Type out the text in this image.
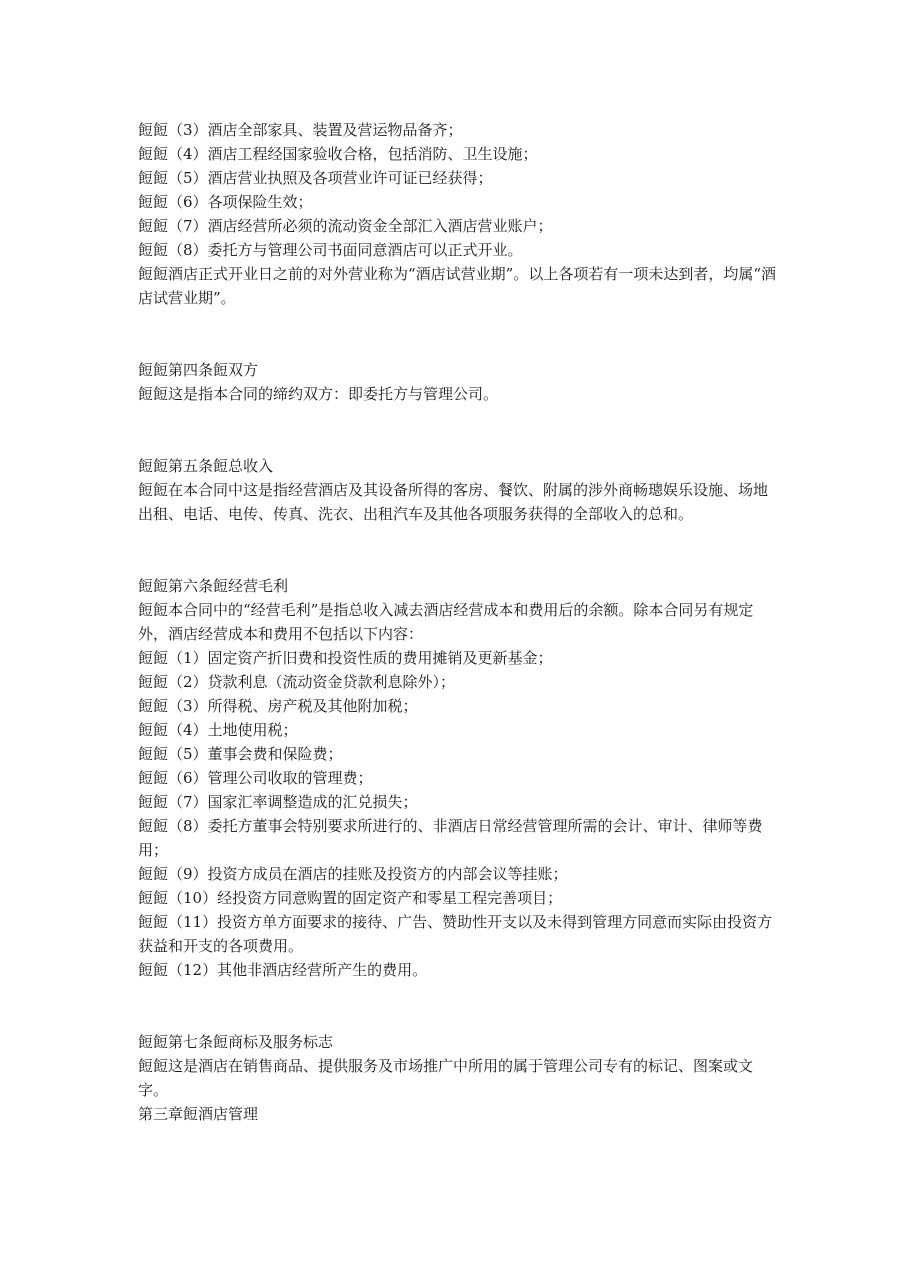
餖餖（3）酒店全部家具、装置及营运物品备齐；

餖餖（4）酒店工程经国家验收合格，包括消防、卫生设施；

餖餖（5）酒店营业执照及各项营业许可证已经获得；

餖餖（6）各项保险生效；

餖餖（7）酒店经营所必须的流动资金全部汇入酒店营业账户；

餖餖（8）委托方与管理公司书面同意酒店可以正式开业。

餖餖酒店正式开业日之前的对外营业称为“酒店试营业期”。以上各项若有一项未达到者，均属“酒店试营业期”。

餖餖第四条餖双方

餖餖这是指本合同的缔约双方：即委托方与管理公司。

餖餖第五条餖总收入

餖餖在本合同中这是指经营酒店及其设备所得的客房、餐饮、附属的涉外商畅璁娱乐设施、场地出租、电话、电传、传真、洗衣、出租汽车及其他各项服务获得的全部收入的总和。

餖餖第六条餖经营毛利

餖餖本合同中的“经营毛利”是指总收入减去酒店经营成本和费用后的余额。除本合同另有规定外，酒店经营成本和费用不包括以下内容：

餖餖（1）固定资产折旧费和投资性质的费用摊销及更新基金；

餖餖（2）贷款利息（流动资金贷款利息除外）；

餖餖（3）所得税、房产税及其他附加税；

餖餖（4）土地使用税；

餖餖（5）董事会费和保险费；

餖餖（6）管理公司收取的管理费；

餖餖（7）国家汇率调整造成的汇兑损失；

餖餖（8）委托方董事会特别要求所进行的、非酒店日常经营管理所需的会计、审计、律师等费用；

餖餖（9）投资方成员在酒店的挂账及投资方的内部会议等挂账；

餖餖（10）经投资方同意购置的固定资产和零星工程完善项目；

餖餖（11）投资方单方面要求的接待、广告、赞助性开支以及未得到管理方同意而实际由投资方获益和开支的各项费用。

餖餖（12）其他非酒店经营所产生的费用。

餖餖第七条餖商标及服务标志

餖餖这是酒店在销售商品、提供服务及市场推广中所用的属于管理公司专有的标记、图案或文字。

第三章餖酒店管理
